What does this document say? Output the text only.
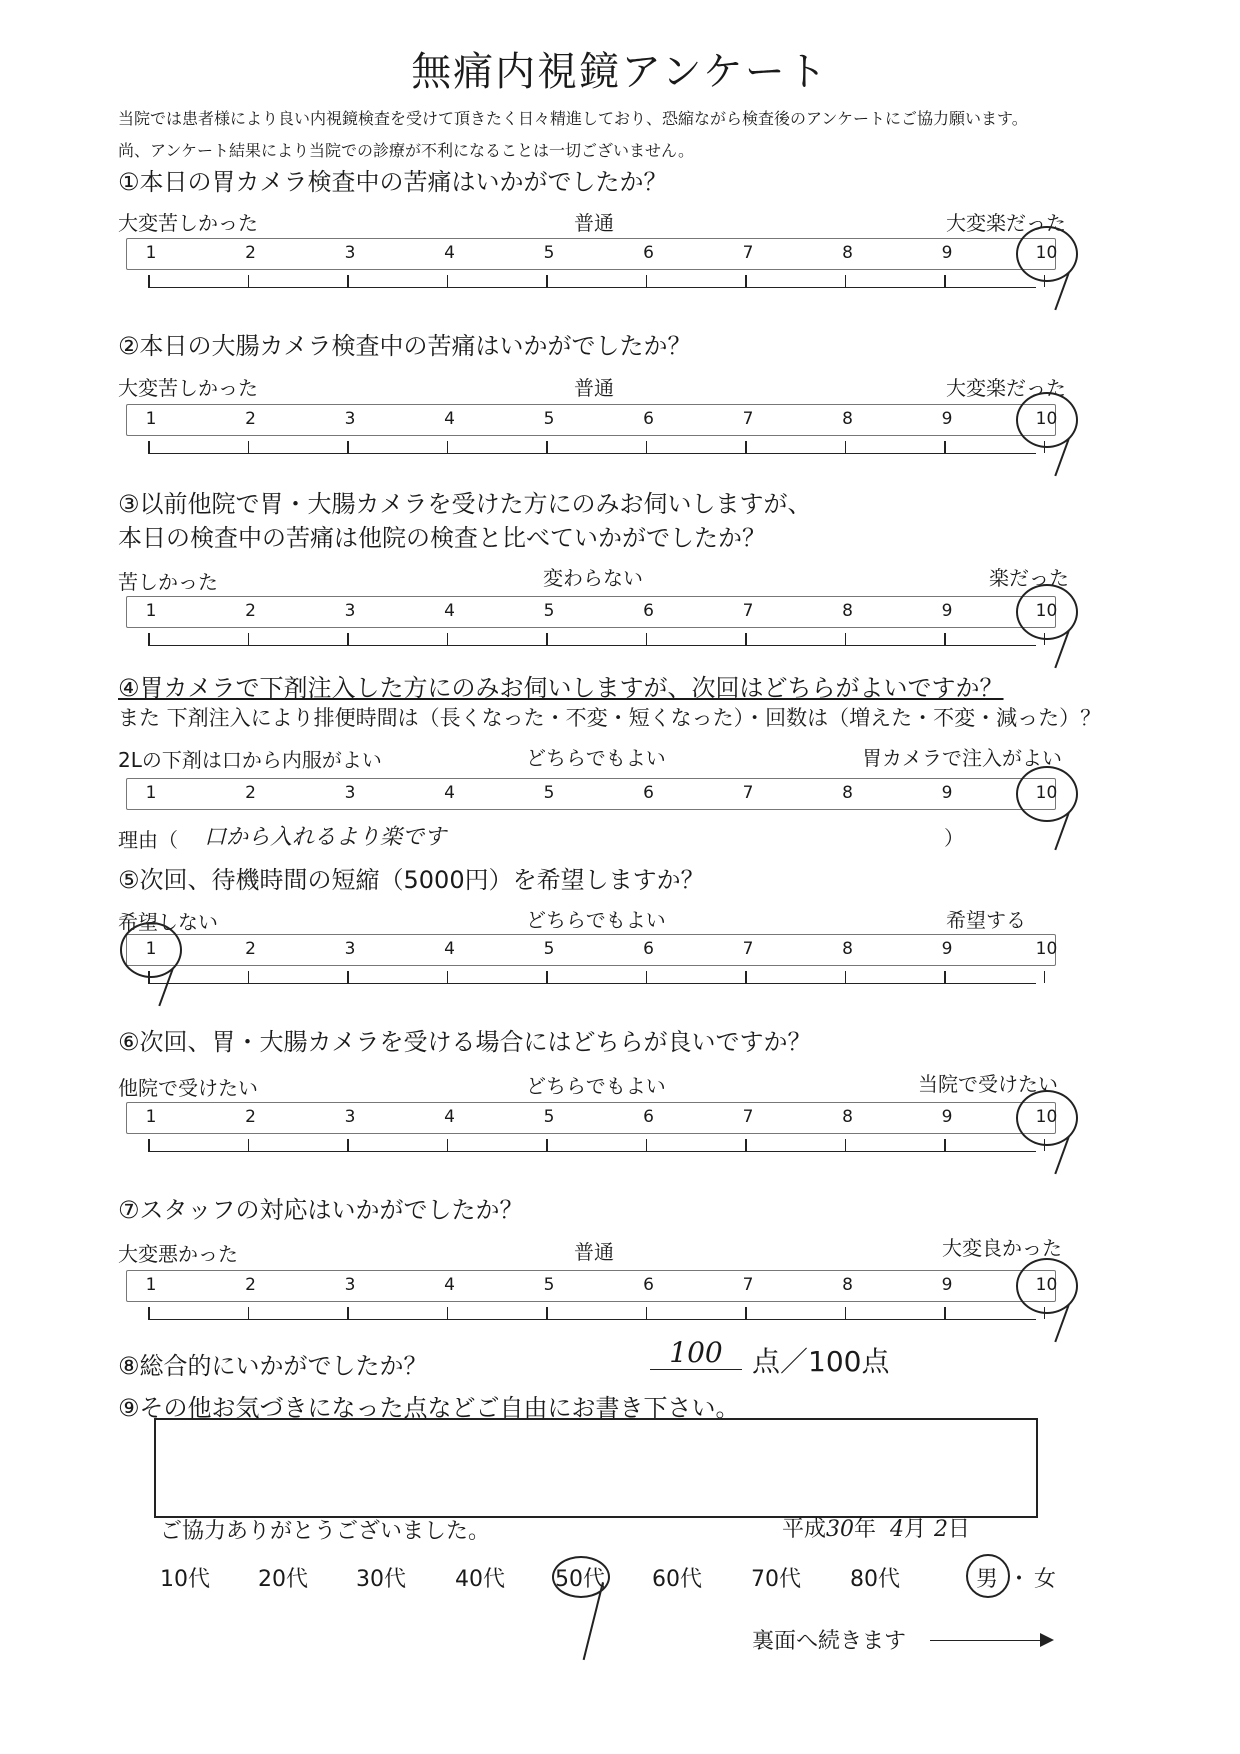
無痛内視鏡アンケート
当院では患者様により良い内視鏡検査を受けて頂きたく日々精進しており、恐縮ながら検査後のアンケートにご協力願います。
尚、アンケート結果により当院での診療が不利になることは一切ございません。
①本日の胃カメラ検査中の苦痛はいかがでしたか？
大変苦しかった	普通	大変楽だった
1	2	3	4	5	6	7	8	9	10
②本日の大腸カメラ検査中の苦痛はいかがでしたか？
大変苦しかった	普通	大変楽だった
1	2	3	4	5	6	7	8	9	10
③以前他院で胃・大腸カメラを受けた方にのみお伺いしますが、
本日の検査中の苦痛は他院の検査と比べていかがでしたか？
苦しかった	変わらない	楽だった
1	2	3	4	5	6	7	8	9	10
④胃カメラで下剤注入した方にのみお伺いしますが、次回はどちらがよいですか？
また 下剤注入により排便時間は（長くなった・不変・短くなった）・回数は（増えた・不変・減った）？
2Lの下剤は口から内服がよい	どちらでもよい	胃カメラで注入がよい
1	2	3	4	5	6	7	8	9	10
理由（ 口から入れるより楽です	）
⑤次回、待機時間の短縮（5000円）を希望しますか？
希望しない	どちらでもよい	希望する
1	2	3	4	5	6	7	8	9	10
⑥次回、胃・大腸カメラを受ける場合にはどちらが良いですか？
他院で受けたい	どちらでもよい	当院で受けたい
1	2	3	4	5	6	7	8	9	10
⑦スタッフの対応はいかがでしたか？
大変悪かった	普通	大変良かった
1	2	3	4	5	6	7	8	9	10
⑧総合的にいかがでしたか？	100	点／100点
⑨その他お気づきになった点などご自由にお書き下さい。
ご協力ありがとうございました。	平成30年 4月 2日
10代 20代 30代 40代 50代 60代 70代 80代	男 ・ 女
裏面へ続きます
